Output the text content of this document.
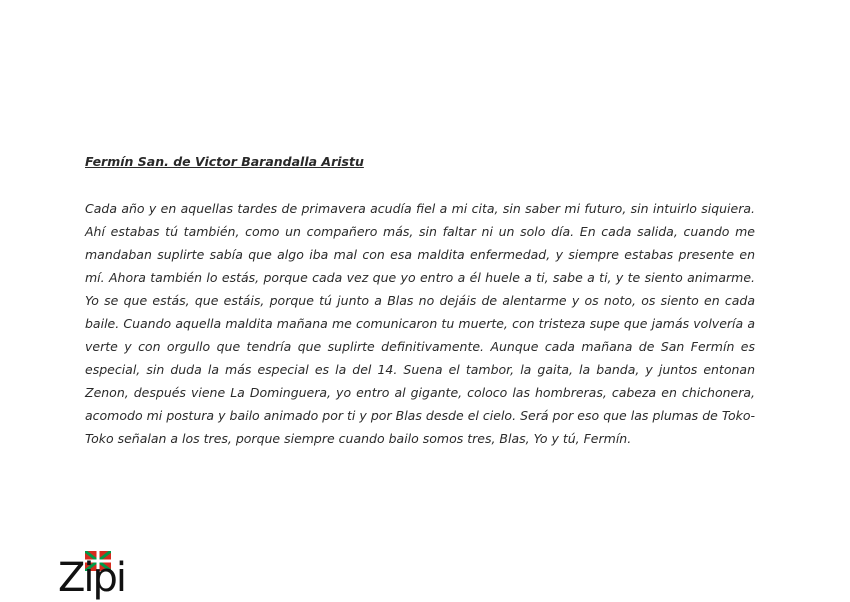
Fermín San. de Victor Barandalla Aristu
Cada año y en aquellas tardes de primavera acudía fiel a mi cita, sin saber mi futuro, sin intuirlo siquiera. Ahí estabas tú también, como un compañero más, sin faltar ni un solo día. En cada salida, cuando me mandaban suplirte sabía que algo iba mal con esa maldita enfermedad, y siempre estabas presente en mí. Ahora también lo estás, porque cada vez que yo entro a él huele a ti, sabe a ti, y te siento animarme. Yo se que estás, que estáis, porque tú junto a Blas no dejáis de alentarme y os noto, os siento en cada baile. Cuando aquella maldita mañana me comunicaron tu muerte, con tristeza supe que jamás volvería a verte y con orgullo que tendría que suplirte definitivamente. Aunque cada mañana de San Fermín es especial, sin duda la más especial es la del 14. Suena el tambor, la gaita, la banda, y juntos entonan Zenon, después viene La Dominguera, yo entro al gigante, coloco las hombreras, cabeza en chichonera, acomodo mi postura y bailo animado por ti y por Blas desde el cielo. Será por eso que las plumas de Toko-Toko señalan a los tres, porque siempre cuando bailo somos tres, Blas, Yo y tú, Fermín.
Zipi
